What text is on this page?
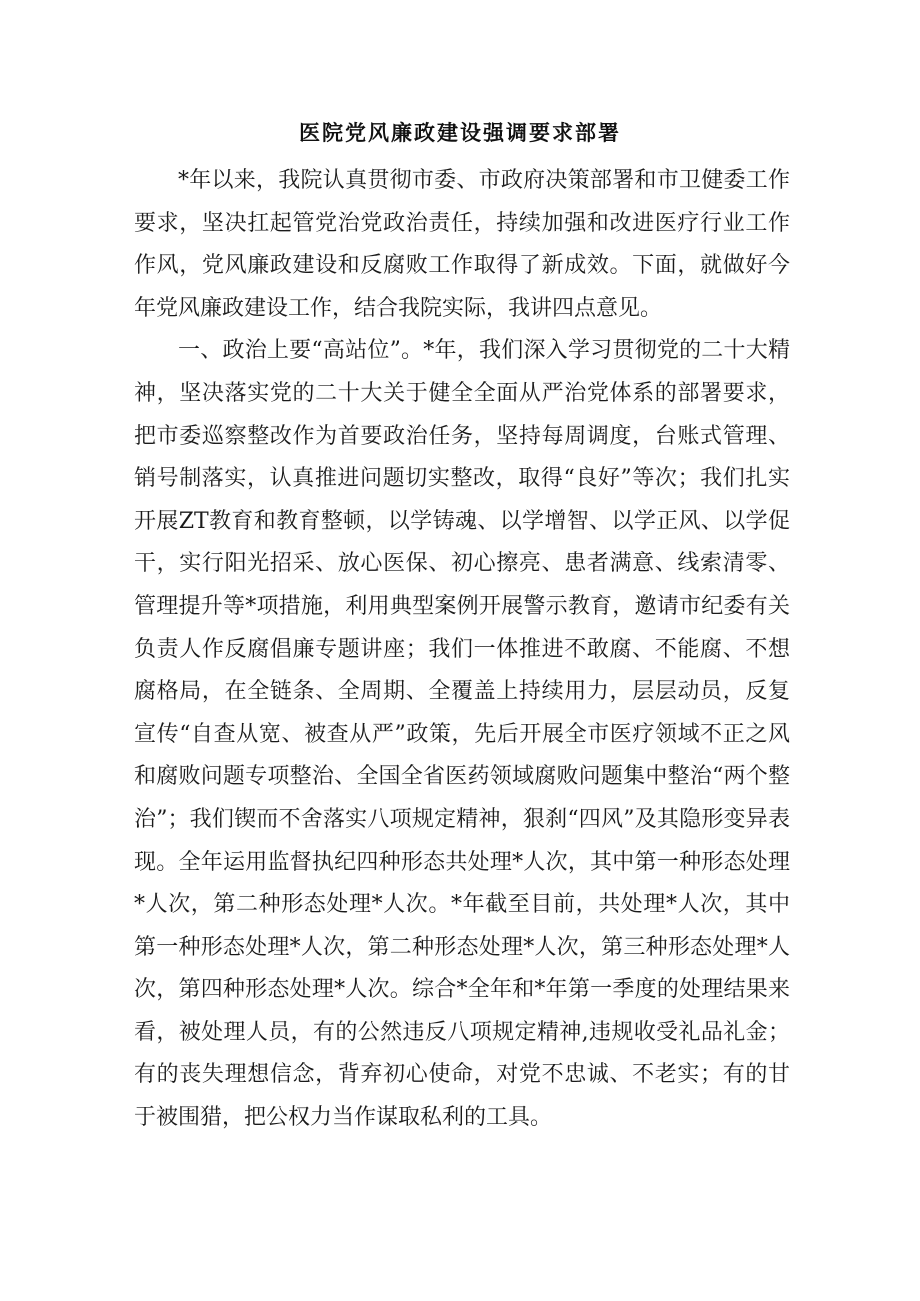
医院党风廉政建设强调要求部署

*年以来，我院认真贯彻市委、市政府决策部署和市卫健委工作要求，坚决扛起管党治党政治责任，持续加强和改进医疗行业工作作风，党风廉政建设和反腐败工作取得了新成效。下面，就做好今年党风廉政建设工作，结合我院实际，我讲四点意见。

一、政治上要“高站位”。*年，我们深入学习贯彻党的二十大精神，坚决落实党的二十大关于健全全面从严治党体系的部署要求，把市委巡察整改作为首要政治任务，坚持每周调度，台账式管理、销号制落实，认真推进问题切实整改，取得“良好”等次；我们扎实开展ZT教育和教育整顿，以学铸魂、以学增智、以学正风、以学促干，实行阳光招采、放心医保、初心擦亮、患者满意、线索清零、管理提升等*项措施，利用典型案例开展警示教育，邀请市纪委有关负责人作反腐倡廉专题讲座；我们一体推进不敢腐、不能腐、不想腐格局，在全链条、全周期、全覆盖上持续用力，层层动员，反复宣传“自查从宽、被查从严”政策，先后开展全市医疗领域不正之风和腐败问题专项整治、全国全省医药领域腐败问题集中整治“两个整治”；我们锲而不舍落实八项规定精神，狠刹“四风”及其隐形变异表现。全年运用监督执纪四种形态共处理*人次，其中第一种形态处理*人次，第二种形态处理*人次。*年截至目前，共处理*人次，其中第一种形态处理*人次，第二种形态处理*人次，第三种形态处理*人次，第四种形态处理*人次。综合*全年和*年第一季度的处理结果来看，被处理人员，有的公然违反八项规定精神,违规收受礼品礼金；有的丧失理想信念，背弃初心使命，对党不忠诚、不老实；有的甘于被围猎，把公权力当作谋取私利的工具。
